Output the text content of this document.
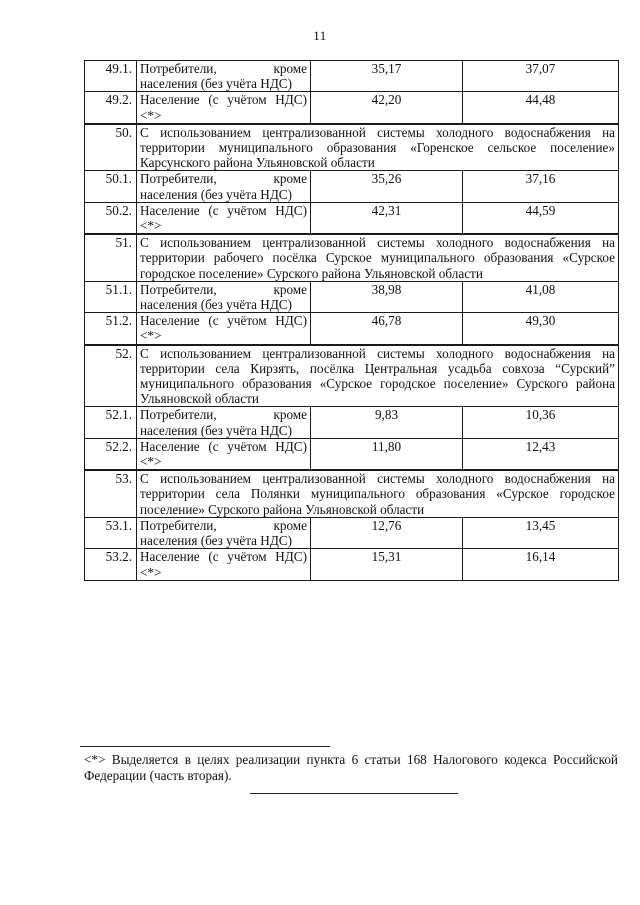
11
49.1.	Потребители, кроме населения (без учёта НДС)	35,17	37,07
49.2.	Население (с учётом НДС) <*>	42,20	44,48
50.	С использованием централизованной системы холодного водоснабжения на территории муниципального образования «Горенское сельское поселение» Карсунского района Ульяновской области		
50.1.	Потребители, кроме населения (без учёта НДС)	35,26	37,16
50.2.	Население (с учётом НДС) <*>	42,31	44,59
51.	С использованием централизованной системы холодного водоснабжения на территории рабочего посёлка Сурское муниципального образования «Сурское городское поселение» Сурского района Ульяновской области		
51.1.	Потребители, кроме населения (без учёта НДС)	38,98	41,08
51.2.	Население (с учётом НДС) <*>	46,78	49,30
52.	С использованием централизованной системы холодного водоснабжения на территории села Кирзять, посёлка Центральная усадьба совхоза “Сурский” муниципального образования «Сурское городское поселение» Сурского района Ульяновской области		
52.1.	Потребители, кроме населения (без учёта НДС)	9,83	10,36
52.2.	Население (с учётом НДС) <*>	11,80	12,43
53.	С использованием централизованной системы холодного водоснабжения на территории села Полянки муниципального образования «Сурское городское поселение» Сурского района Ульяновской области		
53.1.	Потребители, кроме населения (без учёта НДС)	12,76	13,45
53.2.	Население (с учётом НДС) <*>	15,31	16,14
<*> Выделяется в целях реализации пункта 6 статьи 168 Налогового кодекса Российской Федерации (часть вторая).
